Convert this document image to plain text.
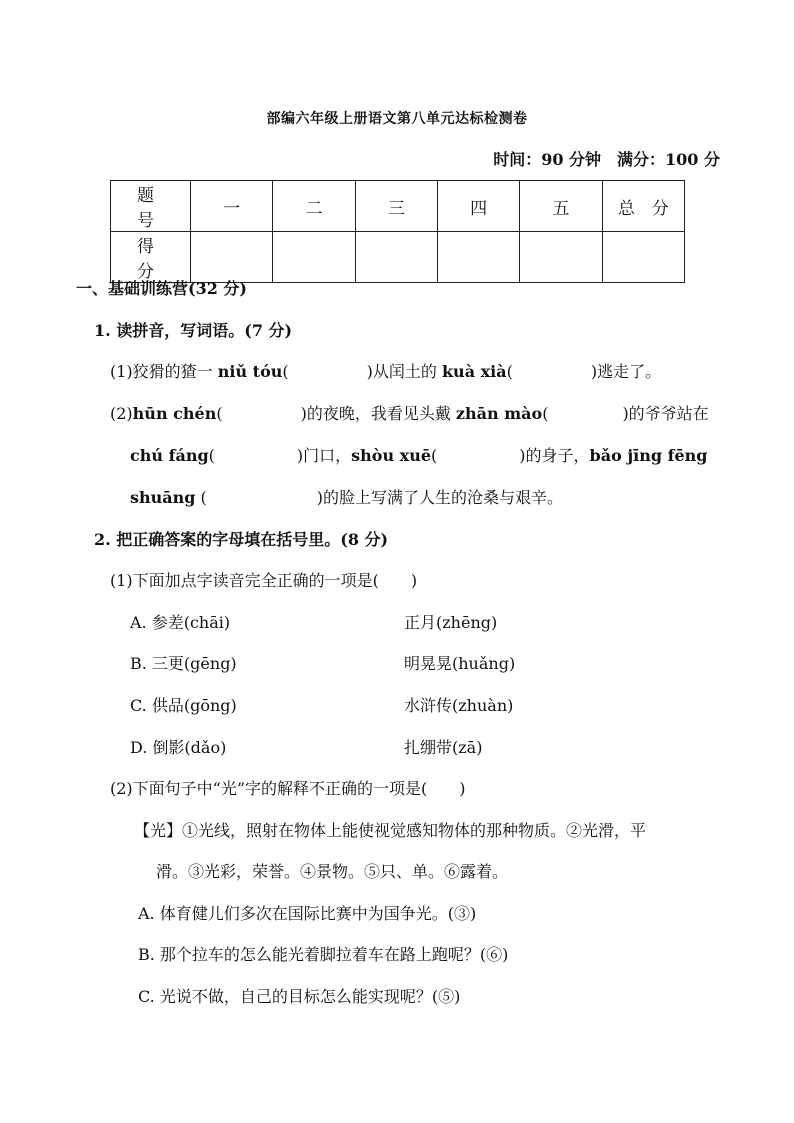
部编六年级上册语文第八单元达标检测卷
时间：90 分钟　满分：100 分
题　号	一	二	三	四	五	总　分
得　分						
一、基础训练营(32 分)
1. 读拼音，写词语。(7 分)
(1)狡猾的猹一 niǔ tóu(	)从闰土的 kuà xià(	)逃走了。
(2)hūn chén(	)的夜晚，我看见头戴 zhān mào(	)的爷爷站在
chú fáng(	)门口，shòu xuē(	)的身子，bǎo jīng fēng
shuāng (	)的脸上写满了人生的沧桑与艰辛。
2. 把正确答案的字母填在括号里。(8 分)
(1)下面加点字读音完全正确的一项是(　　)
A. 参差(chāi)	正月(zhēng)
B. 三更(gēng)	明晃晃(huǎng)
C. 供品(gōng)	水浒传(zhuàn)
D. 倒影(dǎo)	扎绷带(zā)
(2)下面句子中“光”字的解释不正确的一项是(　　)
【光】①光线，照射在物体上能使视觉感知物体的那种物质。②光滑，平
滑。③光彩，荣誉。④景物。⑤只、单。⑥露着。
A. 体育健儿们多次在国际比赛中为国争光。(③)
B. 那个拉车的怎么能光着脚拉着车在路上跑呢？(⑥)
C. 光说不做，自己的目标怎么能实现呢？(⑤)
